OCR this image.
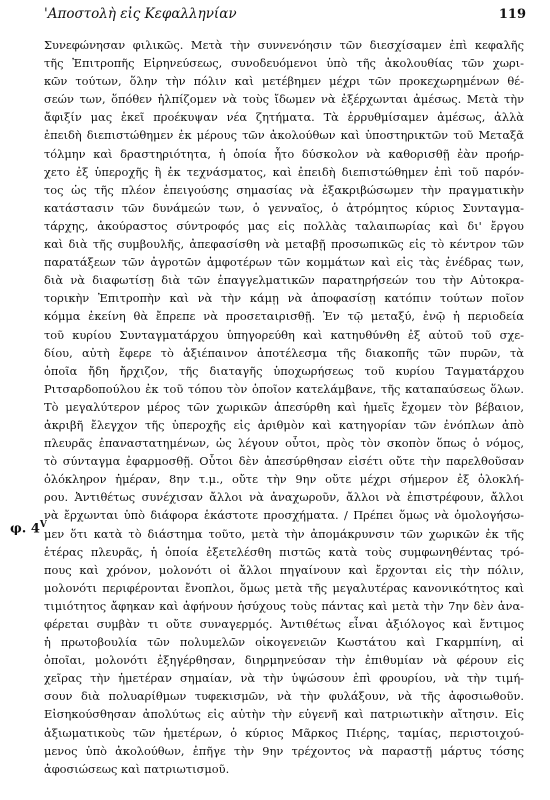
'Αποστολὴ εἰς Κεφαλληνίαν	119
φ. $4^V$
Συνεφώνησαν φιλικῶς. Μετὰ τὴν συννενόησιν τῶν διεσχίσαμεν ἐπὶ κεφαλῆς
τῆς Ἐπιτροπῆς Εἰρηνεύσεως, συνοδευόμενοι ὑπὸ τῆς ἀκολουθίας τῶν χωρι-
κῶν τούτων, ὅλην τὴν πόλιν καὶ μετέβημεν μέχρι τῶν προκεχωρημένων θέ-
σεών των, ὅπόθεν ἠλπίζομεν νὰ τοὺς ἴδωμεν νὰ ἐξέρχωνται ἀμέσως. Μετὰ τὴν
ἄφιξίν μας ἐκεῖ προέκυψαν νέα ζητήματα. Τὰ ἐρρυθμίσαμεν ἀμέσως, ἀλλὰ
ἐπειδὴ διεπιστώθημεν ἐκ μέρους τῶν ἀκολούθων καὶ ὑποστηρικτῶν τοῦ Μεταξᾶ
τόλμην καὶ δραστηριότητα, ἡ ὁποία ἦτο δύσκολον νὰ καθορισθῇ ἐὰν προήρ-
χετο ἐξ ὑπεροχῆς ἢ ἐκ τεχνάσματος, καὶ ἐπειδὴ διεπιστώθημεν ἐπὶ τοῦ παρόν-
τος ὡς τῆς πλέον ἐπειγούσης σημασίας νὰ ἐξακριβώσωμεν τὴν πραγματικὴν
κατάστασιν τῶν δυνάμεών των, ὁ γενναῖος, ὁ ἀτρόμητος κύριος Συνταγμα-
τάρχης, ἀκούραστος σύντροφός μας εἰς πολλὰς ταλαιπωρίας καὶ δι' ἔργου
καὶ διὰ τῆς συμβουλῆς, ἀπεφασίσθη νὰ μεταβῇ προσωπικῶς εἰς τὸ κέντρον τῶν
παρατάξεων τῶν ἀγροτῶν ἀμφοτέρων τῶν κομμάτων καὶ εἰς τὰς ἐνέδρας των,
διὰ νὰ διαφωτίσῃ διὰ τῶν ἐπαγγελματικῶν παρατηρήσεών του τὴν Αὐτοκρα-
τορικὴν Ἐπιτροπὴν καὶ νὰ τὴν κάμῃ νὰ ἀποφασίσῃ κατόπιν τούτων ποῖον
κόμμα ἐκείνη θὰ ἔπρεπε νὰ προσεταιρισθῇ. Ἐν τῷ μεταξύ, ἐνῷ ἡ περιοδεία
τοῦ κυρίου Συνταγματάρχου ὑπηγορεύθη καὶ κατηυθύνθη ἐξ αὐτοῦ τοῦ σχε-
δίου, αὐτὴ ἔφερε τὸ ἀξιέπαινον ἀποτέλεσμα τῆς διακοπῆς τῶν πυρῶν, τὰ
ὁποῖα ἤδη ἤρχιζον, τῆς διαταγῆς ὑποχωρήσεως τοῦ κυρίου Ταγματάρχου
Ριτσαρδοπούλου ἐκ τοῦ τόπου τὸν ὁποῖον κατελάμβανε, τῆς καταπαύσεως ὅλων.
Τὸ μεγαλύτερον μέρος τῶν χωρικῶν ἀπεσύρθη καὶ ἡμεῖς ἔχομεν τὸν βέβαιον,
ἀκριβῆ ἔλεγχον τῆς ὑπεροχῆς εἰς ἀριθμὸν καὶ κατηγορίαν τῶν ἐνόπλων ἀπὸ
πλευρᾶς ἐπαναστατημένων, ὡς λέγουν οὗτοι, πρὸς τὸν σκοπὸν ὅπως ὁ νόμος,
τὸ σύνταγμα ἐφαρμοσθῇ. Οὗτοι δὲν ἀπεσύρθησαν εἰσέτι οὔτε τὴν παρελθοῦσαν
ὁλόκληρον ἡμέραν, 8ην τ.μ., οὔτε τὴν 9ην οὔτε μέχρι σήμερον ἐξ ὁλοκλή-
ρου. Ἀντιθέτως συνέχισαν ἄλλοι νὰ ἀναχωροῦν, ἄλλοι νὰ ἐπιστρέφουν, ἄλλοι
νὰ ἔρχωνται ὑπὸ διάφορα ἑκάστοτε προσχήματα. / Πρέπει ὅμως νὰ ὁμολογήσω-
μεν ὅτι κατὰ τὸ διάστημα τοῦτο, μετὰ τὴν ἀπομάκρυνσιν τῶν χωρικῶν ἐκ τῆς
ἑτέρας πλευρᾶς, ἡ ὁποία ἐξετελέσθη πιστῶς κατὰ τοὺς συμφωνηθέντας τρό-
πους καὶ χρόνον, μολονότι οἱ ἄλλοι πηγαίνουν καὶ ἔρχονται εἰς τὴν πόλιν,
μολονότι περιφέρονται ἔνοπλοι, ὅμως μετὰ τῆς μεγαλυτέρας κανονικότητος καὶ
τιμιότητος ἄφηκαν καὶ ἀφήνουν ἡσύχους τοὺς πάντας καὶ μετὰ τὴν 7ην δὲν ἀνα-
φέρεται συμβὰν τι οὔτε συναγερμός. Ἀντιθέτως εἶναι ἀξιόλογος καὶ ἔντιμος
ἡ πρωτοβουλία τῶν πολυμελῶν οἰκογενειῶν Κωστάτου καὶ Γκαρμπίνη, αἱ
ὁποῖαι, μολονότι ἐξηγέρθησαν, διηρμηνεύσαν τὴν ἐπιθυμίαν νὰ φέρουν εἰς
χεῖρας τὴν ἡμετέραν σημαίαν, νὰ τὴν ὑψώσουν ἐπὶ φρουρίου, νὰ τὴν τιμή-
σουν διὰ πολυαρίθμων τυφεκισμῶν, νὰ τὴν φυλάξουν, νὰ τῆς ἀφοσιωθοῦν.
Εἰσηκούσθησαν ἀπολύτως εἰς αὐτὴν τὴν εὐγενῆ καὶ πατριωτικὴν αἴτησιν. Εἰς
ἀξιωματικοὺς τῶν ἡμετέρων, ὁ κύριος Μᾶρκος Πιέρης, ταμίας, περιστοιχού-
μενος ὑπὸ ἀκολούθων, ἐπῆγε τὴν 9ην τρέχοντος νὰ παραστῇ μάρτυς τόσης
ἀφοσιώσεως καὶ πατριωτισμοῦ.
